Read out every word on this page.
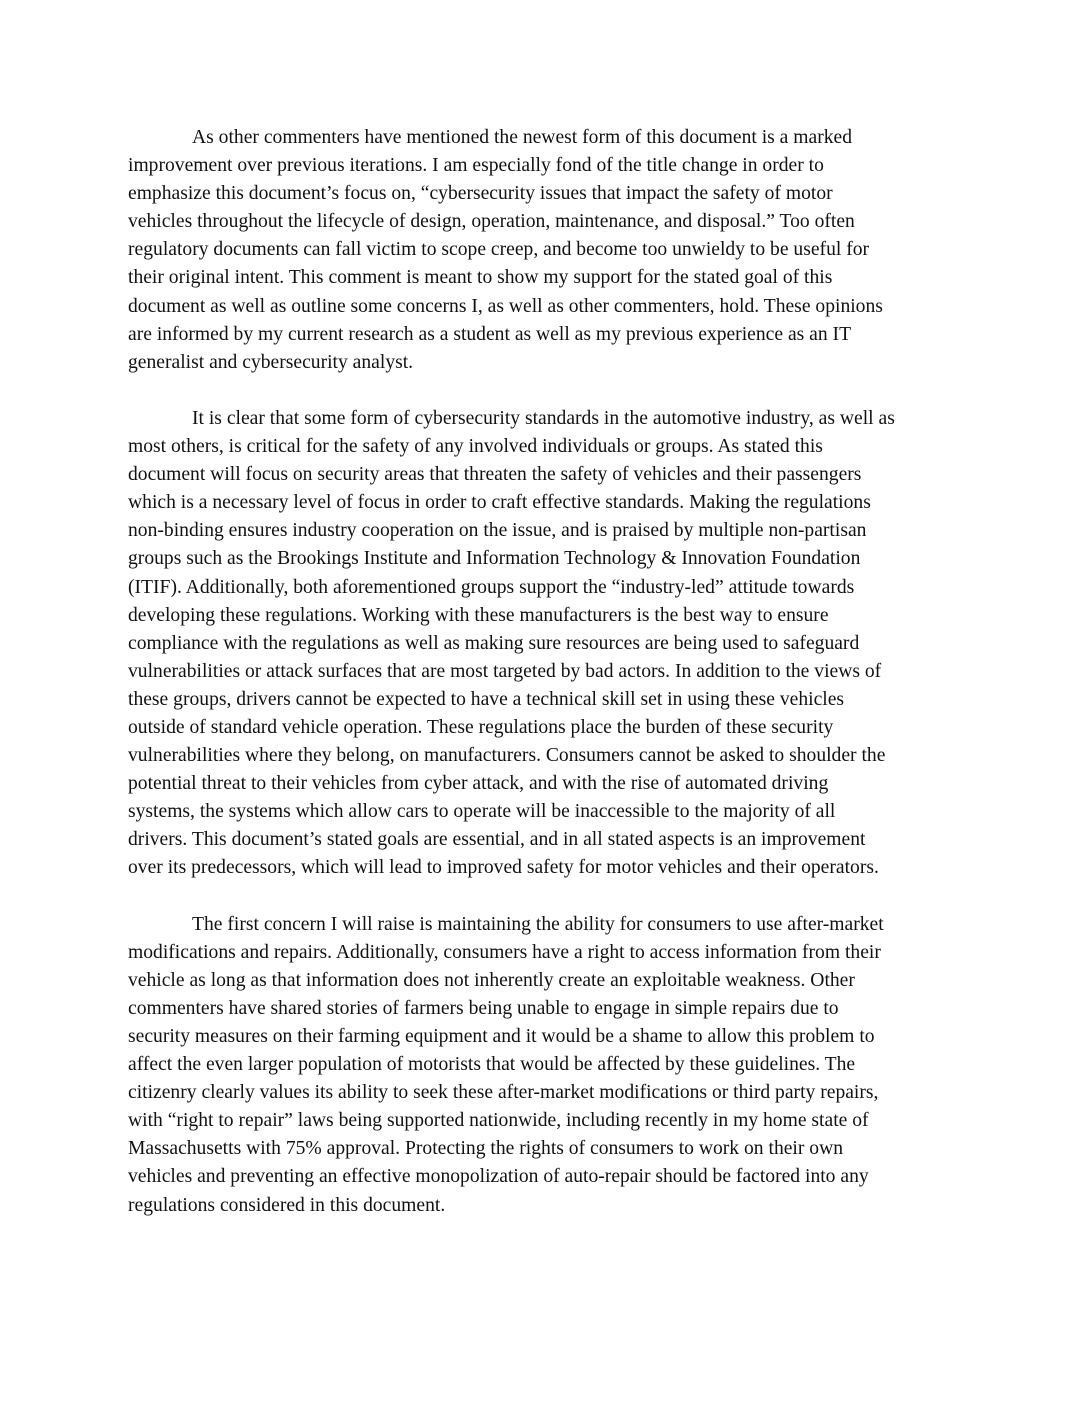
As other commenters have mentioned the newest form of this document is a marked
improvement over previous iterations. I am especially fond of the title change in order to
emphasize this document’s focus on, “cybersecurity issues that impact the safety of motor
vehicles throughout the lifecycle of design, operation, maintenance, and disposal.” Too often
regulatory documents can fall victim to scope creep, and become too unwieldy to be useful for
their original intent. This comment is meant to show my support for the stated goal of this
document as well as outline some concerns I, as well as other commenters, hold. These opinions
are informed by my current research as a student as well as my previous experience as an IT
generalist and cybersecurity analyst.

It is clear that some form of cybersecurity standards in the automotive industry, as well as
most others, is critical for the safety of any involved individuals or groups. As stated this
document will focus on security areas that threaten the safety of vehicles and their passengers
which is a necessary level of focus in order to craft effective standards. Making the regulations
non-binding ensures industry cooperation on the issue, and is praised by multiple non-partisan
groups such as the Brookings Institute and Information Technology & Innovation Foundation
(ITIF). Additionally, both aforementioned groups support the “industry-led” attitude towards
developing these regulations. Working with these manufacturers is the best way to ensure
compliance with the regulations as well as making sure resources are being used to safeguard
vulnerabilities or attack surfaces that are most targeted by bad actors. In addition to the views of
these groups, drivers cannot be expected to have a technical skill set in using these vehicles
outside of standard vehicle operation. These regulations place the burden of these security
vulnerabilities where they belong, on manufacturers. Consumers cannot be asked to shoulder the
potential threat to their vehicles from cyber attack, and with the rise of automated driving
systems, the systems which allow cars to operate will be inaccessible to the majority of all
drivers. This document’s stated goals are essential, and in all stated aspects is an improvement
over its predecessors, which will lead to improved safety for motor vehicles and their operators.

The first concern I will raise is maintaining the ability for consumers to use after-market
modifications and repairs. Additionally, consumers have a right to access information from their
vehicle as long as that information does not inherently create an exploitable weakness. Other
commenters have shared stories of farmers being unable to engage in simple repairs due to
security measures on their farming equipment and it would be a shame to allow this problem to
affect the even larger population of motorists that would be affected by these guidelines. The
citizenry clearly values its ability to seek these after-market modifications or third party repairs,
with “right to repair” laws being supported nationwide, including recently in my home state of
Massachusetts with 75% approval. Protecting the rights of consumers to work on their own
vehicles and preventing an effective monopolization of auto-repair should be factored into any
regulations considered in this document.
